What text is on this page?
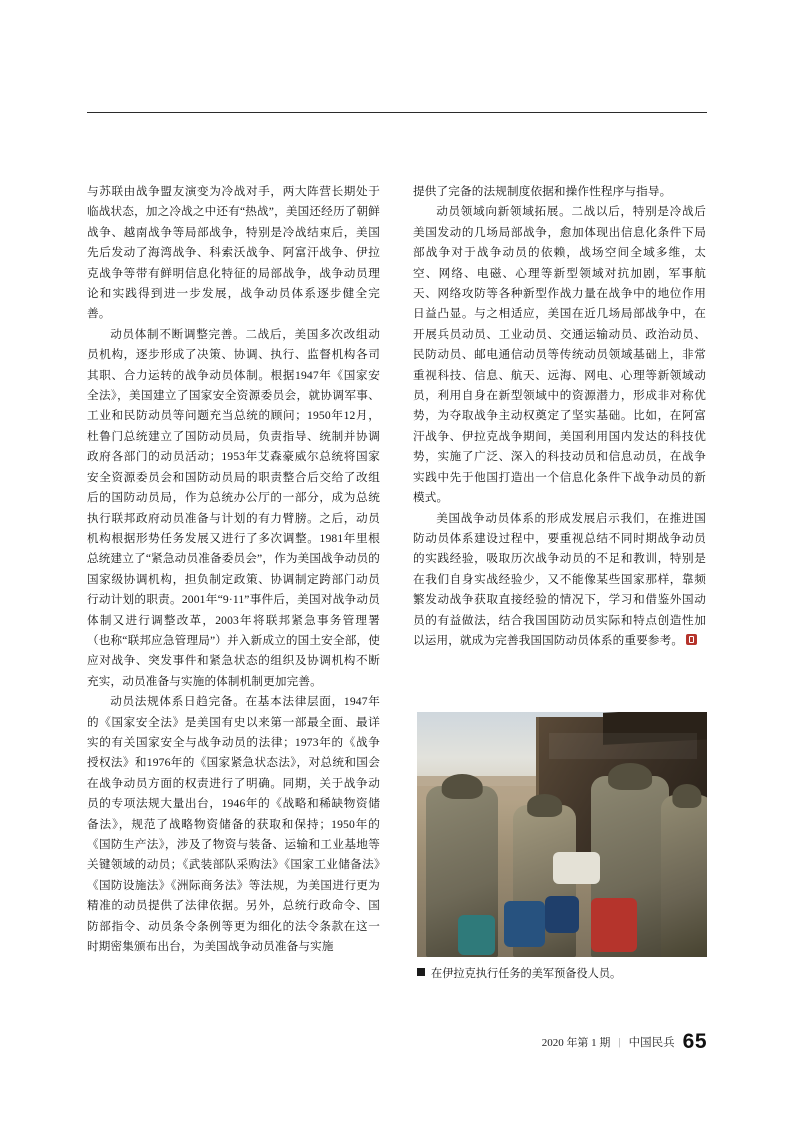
与苏联由战争盟友演变为冷战对手，两大阵营长期处于临战状态，加之冷战之中还有“热战”，美国还经历了朝鲜战争、越南战争等局部战争，特别是冷战结束后，美国先后发动了海湾战争、科索沃战争、阿富汗战争、伊拉克战争等带有鲜明信息化特征的局部战争，战争动员理论和实践得到进一步发展，战争动员体系逐步健全完善。

动员体制不断调整完善。二战后，美国多次改组动员机构，逐步形成了决策、协调、执行、监督机构各司其职、合力运转的战争动员体制。根据1947年《国家安全法》，美国建立了国家安全资源委员会，就协调军事、工业和民防动员等问题充当总统的顾问；1950年12月，杜鲁门总统建立了国防动员局，负责指导、统制并协调政府各部门的动员活动；1953年艾森豪威尔总统将国家安全资源委员会和国防动员局的职责整合后交给了改组后的国防动员局，作为总统办公厅的一部分，成为总统执行联邦政府动员准备与计划的有力臂膀。之后，动员机构根据形势任务发展又进行了多次调整。1981年里根总统建立了“紧急动员准备委员会”，作为美国战争动员的国家级协调机构，担负制定政策、协调制定跨部门动员行动计划的职责。2001年“9·11”事件后，美国对战争动员体制又进行调整改革，2003年将联邦紧急事务管理署（也称“联邦应急管理局”）并入新成立的国土安全部，使应对战争、突发事件和紧急状态的组织及协调机构不断充实，动员准备与实施的体制机制更加完善。

动员法规体系日趋完备。在基本法律层面，1947年的《国家安全法》是美国有史以来第一部最全面、最详实的有关国家安全与战争动员的法律；1973年的《战争授权法》和1976年的《国家紧急状态法》，对总统和国会在战争动员方面的权责进行了明确。同期，关于战争动员的专项法规大量出台，1946年的《战略和稀缺物资储备法》，规范了战略物资储备的获取和保持；1950年的《国防生产法》，涉及了物资与装备、运输和工业基地等关键领域的动员；《武装部队采购法》《国家工业储备法》《国防设施法》《洲际商务法》等法规，为美国进行更为精准的动员提供了法律依据。另外，总统行政命令、国防部指令、动员条令条例等更为细化的法令条款在这一时期密集颁布出台，为美国战争动员准备与实施

提供了完备的法规制度依据和操作性程序与指导。

动员领域向新领域拓展。二战以后，特别是冷战后美国发动的几场局部战争，愈加体现出信息化条件下局部战争对于战争动员的依赖，战场空间全域多维，太空、网络、电磁、心理等新型领域对抗加剧，军事航天、网络攻防等各种新型作战力量在战争中的地位作用日益凸显。与之相适应，美国在近几场局部战争中，在开展兵员动员、工业动员、交通运输动员、政治动员、民防动员、邮电通信动员等传统动员领域基础上，非常重视科技、信息、航天、远海、网电、心理等新领域动员，利用自身在新型领域中的资源潜力，形成非对称优势，为夺取战争主动权奠定了坚实基础。比如，在阿富汗战争、伊拉克战争期间，美国利用国内发达的科技优势，实施了广泛、深入的科技动员和信息动员，在战争实践中先于他国打造出一个信息化条件下战争动员的新模式。

美国战争动员体系的形成发展启示我们，在推进国防动员体系建设过程中，要重视总结不同时期战争动员的实践经验，吸取历次战争动员的不足和教训，特别是在我们自身实战经验少，又不能像某些国家那样，靠频繁发动战争获取直接经验的情况下，学习和借鉴外国动员的有益做法，结合我国国防动员实际和特点创造性加以运用，就成为完善我国国防动员体系的重要参考。

在伊拉克执行任务的美军预备役人员。
2020 年第 1 期 | 中国民兵 65
